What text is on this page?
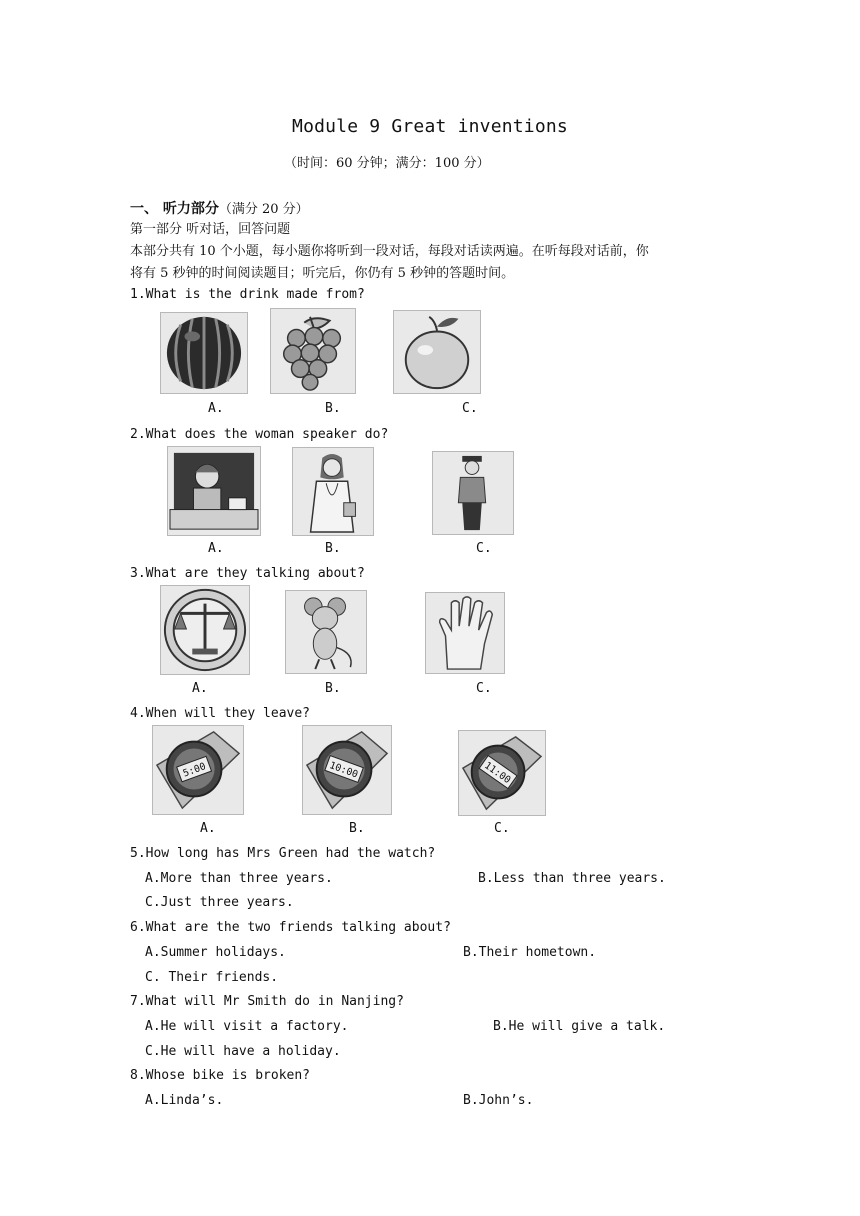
Module 9 Great inventions
（时间：60 分钟；满分：100 分）
一、 听力部分（满分 20 分）
第一部分 听对话，回答问题
本部分共有 10 个小题，每小题你将听到一段对话，每段对话读两遍。在听每段对话前，你
将有 5 秒钟的时间阅读题目；听完后，你仍有 5 秒钟的答题时间。
1.What is the drink made from?
A.	B.	C.
2.What does the woman speaker do?
A.	B.	C.
3.What are they talking about?
A.	B.	C.
4.When will they leave?
5:00	10:00	11:00
A.	B.	C.
5.How long has Mrs Green had the watch?
A.More than three years.	B.Less than three years.
C.Just three years.
6.What are the two friends talking about?
A.Summer holidays.	B.Their hometown.
C. Their friends.
7.What will Mr Smith do in Nanjing?
A.He will visit a factory.	B.He will give a talk.
C.He will have a holiday.
8.Whose bike is broken?
A.Linda’s.	B.John’s.
